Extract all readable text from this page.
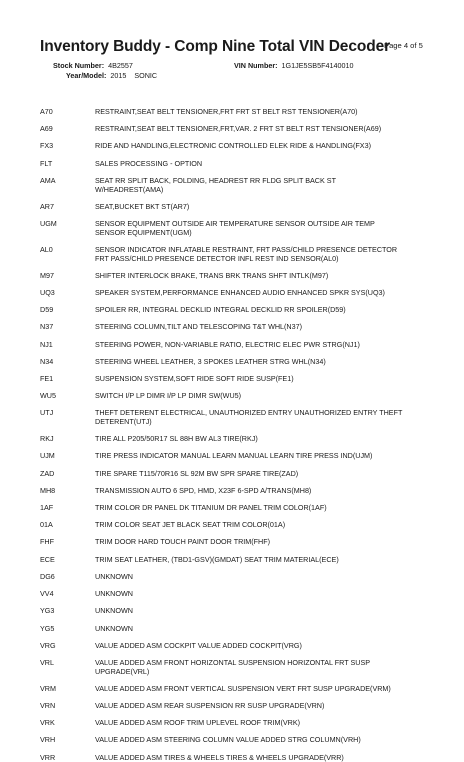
Inventory Buddy - Comp Nine Total VIN Decoder
Page 4 of 5
Stock Number: 4B2557	VIN Number: 1G1JE5SB5F4140010
Year/Model: 2015 SONIC
A70	RESTRAINT,SEAT BELT TENSIONER,FRT FRT ST BELT RST TENSIONER(A70)
A69	RESTRAINT,SEAT BELT TENSIONER,FRT,VAR. 2 FRT ST BELT RST TENSIONER(A69)
FX3	RIDE AND HANDLING,ELECTRONIC CONTROLLED ELEK RIDE & HANDLING(FX3)
FLT	SALES PROCESSING - OPTION
AMA	SEAT RR SPLIT BACK, FOLDING, HEADREST RR FLDG SPLIT BACK ST
W/HEADREST(AMA)
AR7	SEAT,BUCKET BKT ST(AR7)
UGM	SENSOR EQUIPMENT OUTSIDE AIR TEMPERATURE SENSOR OUTSIDE AIR TEMP
SENSOR EQUIPMENT(UGM)
AL0	SENSOR INDICATOR INFLATABLE RESTRAINT, FRT PASS/CHILD PRESENCE DETECTOR
FRT PASS/CHILD PRESENCE DETECTOR INFL REST IND SENSOR(AL0)
M97	SHIFTER INTERLOCK BRAKE, TRANS BRK TRANS SHFT INTLK(M97)
UQ3	SPEAKER SYSTEM,PERFORMANCE ENHANCED AUDIO ENHANCED SPKR SYS(UQ3)
D59	SPOILER RR, INTEGRAL DECKLID INTEGRAL DECKLID RR SPOILER(D59)
N37	STEERING COLUMN,TILT AND TELESCOPING T&T WHL(N37)
NJ1	STEERING POWER, NON-VARIABLE RATIO, ELECTRIC ELEC PWR STRG(NJ1)
N34	STEERING WHEEL LEATHER, 3 SPOKES LEATHER STRG WHL(N34)
FE1	SUSPENSION SYSTEM,SOFT RIDE SOFT RIDE SUSP(FE1)
WU5	SWITCH I/P LP DIMR I/P LP DIMR SW(WU5)
UTJ	THEFT DETERENT ELECTRICAL, UNAUTHORIZED ENTRY UNAUTHORIZED ENTRY THEFT
DETERENT(UTJ)
RKJ	TIRE ALL P205/50R17 SL 88H BW AL3 TIRE(RKJ)
UJM	TIRE PRESS INDICATOR MANUAL LEARN MANUAL LEARN TIRE PRESS IND(UJM)
ZAD	TIRE SPARE T115/70R16 SL 92M BW SPR SPARE TIRE(ZAD)
MH8	TRANSMISSION AUTO 6 SPD, HMD, X23F 6-SPD A/TRANS(MH8)
1AF	TRIM COLOR DR PANEL DK TITANIUM DR PANEL TRIM COLOR(1AF)
01A	TRIM COLOR SEAT JET BLACK SEAT TRIM COLOR(01A)
FHF	TRIM DOOR HARD TOUCH PAINT DOOR TRIM(FHF)
ECE	TRIM SEAT LEATHER, (TBD1-GSV)(GMDAT) SEAT TRIM MATERIAL(ECE)
DG6	UNKNOWN
VV4	UNKNOWN
YG3	UNKNOWN
YG5	UNKNOWN
VRG	VALUE ADDED ASM COCKPIT VALUE ADDED COCKPIT(VRG)
VRL	VALUE ADDED ASM FRONT HORIZONTAL SUSPENSION HORIZONTAL FRT SUSP
UPGRADE(VRL)
VRM	VALUE ADDED ASM FRONT VERTICAL SUSPENSION VERT FRT SUSP UPGRADE(VRM)
VRN	VALUE ADDED ASM REAR SUSPENSION RR SUSP UPGRADE(VRN)
VRK	VALUE ADDED ASM ROOF TRIM UPLEVEL ROOF TRIM(VRK)
VRH	VALUE ADDED ASM STEERING COLUMN VALUE ADDED STRG COLUMN(VRH)
VRR	VALUE ADDED ASM TIRES & WHEELS TIRES & WHEELS UPGRADE(VRR)
